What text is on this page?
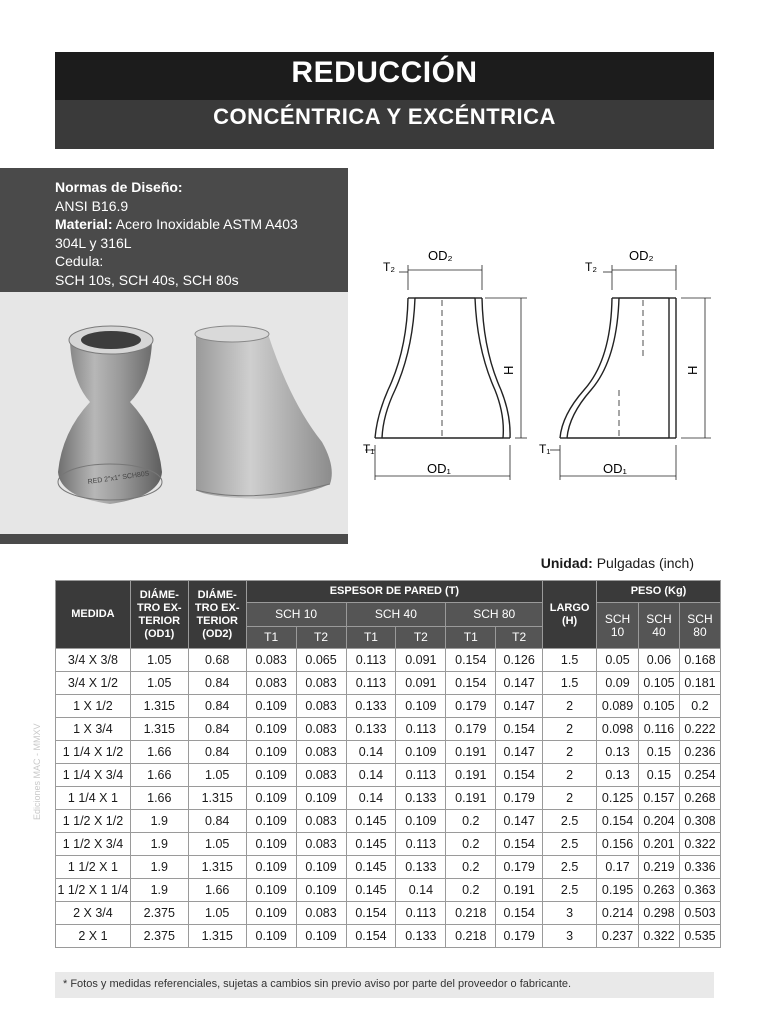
REDUCCIÓN
CONCÉNTRICA Y EXCÉNTRICA
Normas de Diseño:
ANSI B16.9
Material: Acero Inoxidable ASTM A403
304L y 316L
Cedula:
SCH 10s, SCH 40s, SCH 80s
RED 2"x1" SCH80S
OD₂
T₂
OD₁
T₁
H
OD₂
T₂
OD₁
T₁
H
Unidad: Pulgadas (inch)
MEDIDA	DIÁME-TRO EX-TERIOR (OD1)	DIÁME-TRO EX-TERIOR (OD2)	ESPESOR DE PARED (T)						LARGO (H)	PESO (Kg)		
			SCH 10		SCH 40		SCH 80			SCH 10	SCH 40	SCH 80
			T1	T2	T1	T2	T1	T2				
3/4 X 3/8	1.05	0.68	0.083	0.065	0.113	0.091	0.154	0.126	1.5	0.05	0.06	0.168
3/4 X 1/2	1.05	0.84	0.083	0.083	0.113	0.091	0.154	0.147	1.5	0.09	0.105	0.181
1 X 1/2	1.315	0.84	0.109	0.083	0.133	0.109	0.179	0.147	2	0.089	0.105	0.2
1 X 3/4	1.315	0.84	0.109	0.083	0.133	0.113	0.179	0.154	2	0.098	0.116	0.222
1 1/4 X 1/2	1.66	0.84	0.109	0.083	0.14	0.109	0.191	0.147	2	0.13	0.15	0.236
1 1/4 X 3/4	1.66	1.05	0.109	0.083	0.14	0.113	0.191	0.154	2	0.13	0.15	0.254
1 1/4 X 1	1.66	1.315	0.109	0.109	0.14	0.133	0.191	0.179	2	0.125	0.157	0.268
1 1/2 X 1/2	1.9	0.84	0.109	0.083	0.145	0.109	0.2	0.147	2.5	0.154	0.204	0.308
1 1/2 X 3/4	1.9	1.05	0.109	0.083	0.145	0.113	0.2	0.154	2.5	0.156	0.201	0.322
1 1/2 X 1	1.9	1.315	0.109	0.109	0.145	0.133	0.2	0.179	2.5	0.17	0.219	0.336
1 1/2 X 1 1/4	1.9	1.66	0.109	0.109	0.145	0.14	0.2	0.191	2.5	0.195	0.263	0.363
2 X 3/4	2.375	1.05	0.109	0.083	0.154	0.113	0.218	0.154	3	0.214	0.298	0.503
2 X 1	2.375	1.315	0.109	0.109	0.154	0.133	0.218	0.179	3	0.237	0.322	0.535
Ediciones MAC - MMXV
* Fotos y medidas referenciales, sujetas a cambios sin previo aviso por parte del proveedor o fabricante.
